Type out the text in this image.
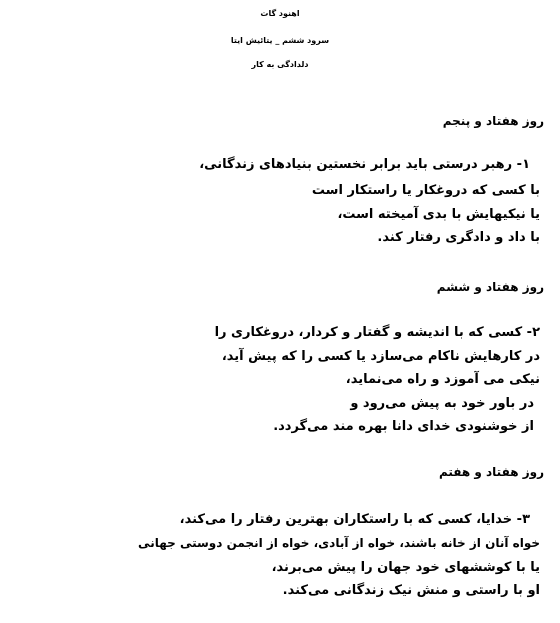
اهنود گات
سرود ششم _ یتائیش ایتا
دلدادگی به کار
روز هفتاد و پنجم
۱- رهبر درستی باید برابر نخستین بنیادهای زندگانی،
با کسی که دروغکار یا راستکار است
یا نیکیهایش با بدی آمیخته است،
با داد و دادگری رفتار کند.
روز هفتاد و ششم
۲- کسی که با اندیشه و گفتار و کردار، دروغکاری را
در کارهایش ناکام می‌سازد یا کسی را که پیش آید،
نیکی می آموزد و راه می‌نماید،
در باور خود به پیش می‌رود و
از خوشنودی خدای دانا بهره مند می‌گردد.
روز هفتاد و هفتم
۳- خدایا، کسی که با راستکاران بهترین رفتار را می‌کند،
خواه آنان از خانه باشند، خواه از آبادی، خواه از انجمن دوستی جهانی
یا با کوششهای خود جهان را پیش می‌برند،
او با راستی و منش نیک زندگانی می‌کند.
